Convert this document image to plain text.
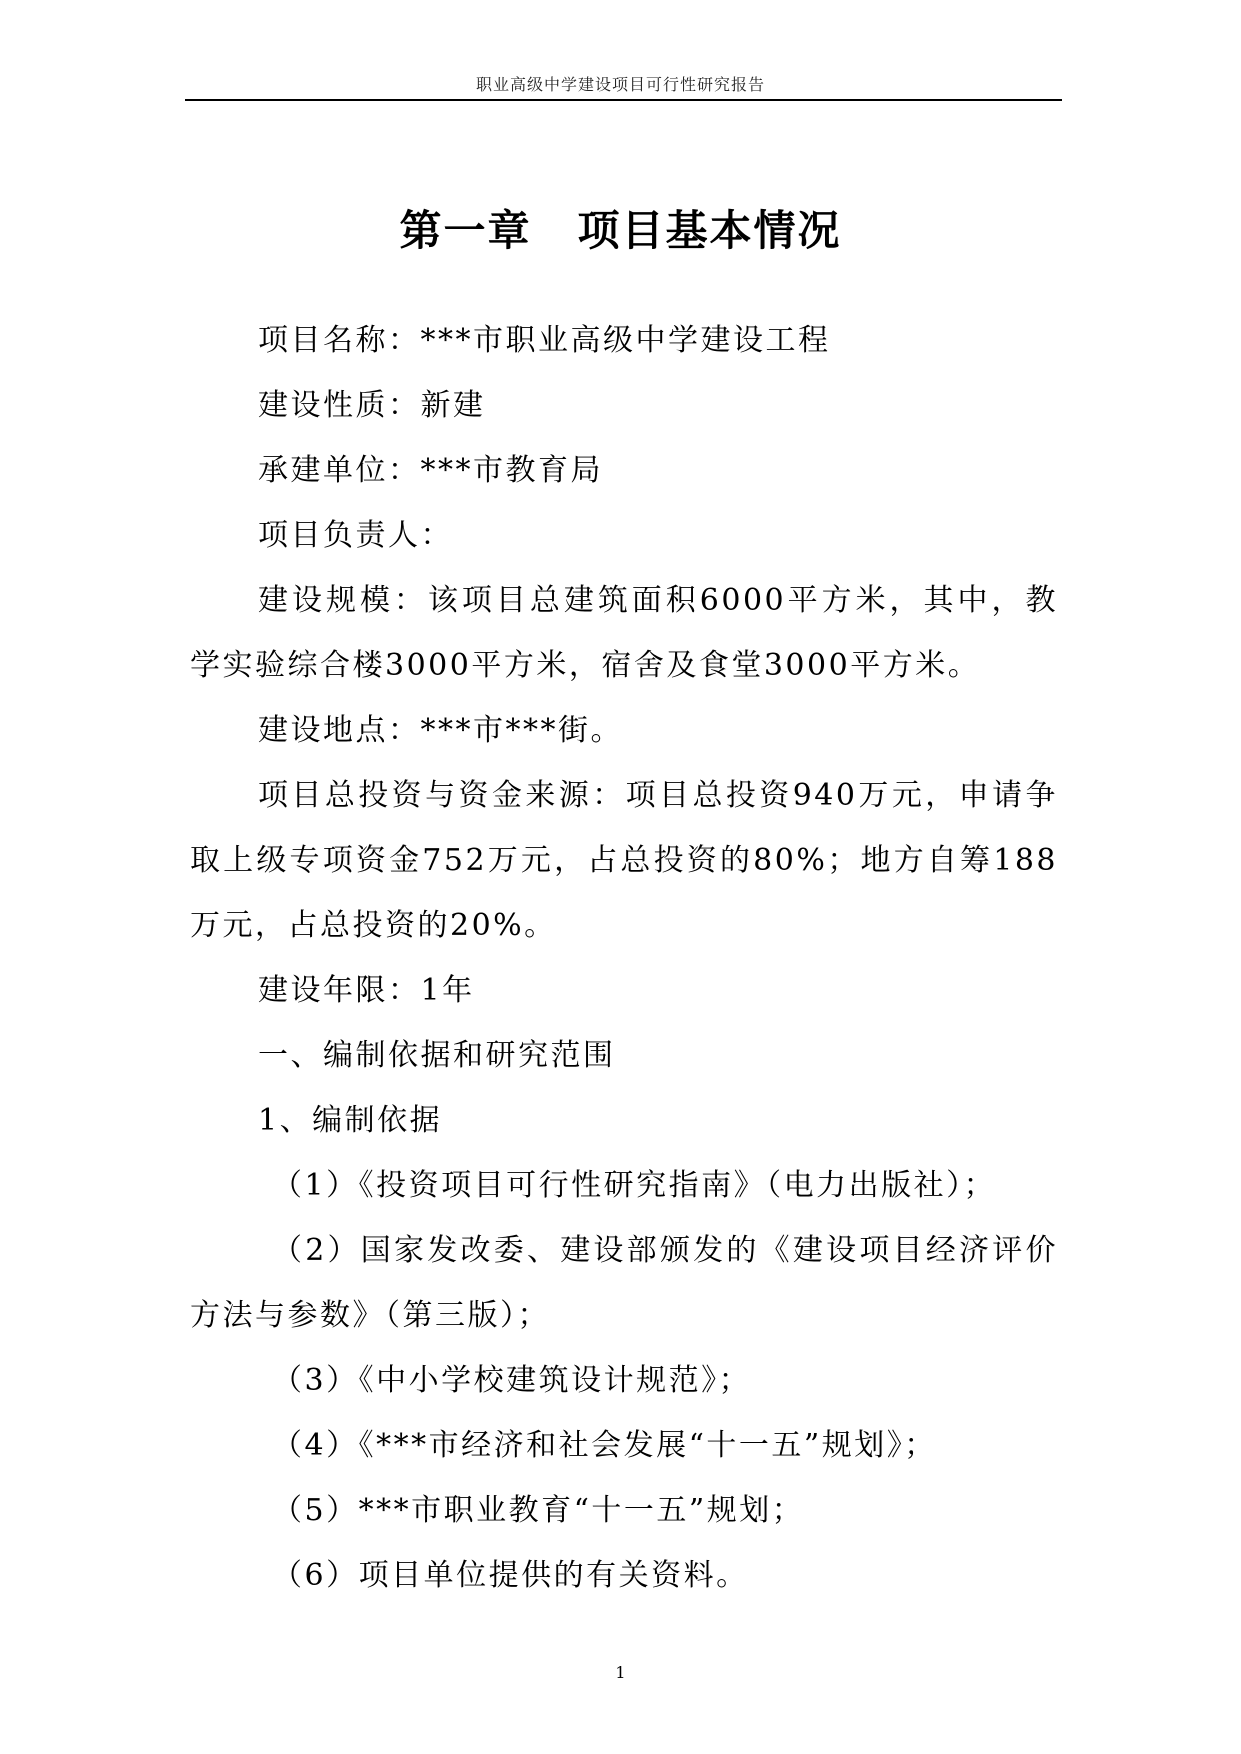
职业高级中学建设项目可行性研究报告
第一章 项目基本情况

项目名称：***市职业高级中学建设工程

建设性质：新建

承建单位：***市教育局

项目负责人：

建设规模：该项目总建筑面积6000平方米，其中，教学实验综合楼3000平方米，宿舍及食堂3000平方米。

建设地点：***市***街。

项目总投资与资金来源：项目总投资940万元，申请争取上级专项资金752万元，占总投资的80%；地方自筹188万元，占总投资的20%。

建设年限：1年

一、编制依据和研究范围

1、编制依据

（1）《投资项目可行性研究指南》（电力出版社）；

（2）国家发改委、建设部颁发的《建设项目经济评价方法与参数》（第三版）；

（3）《中小学校建筑设计规范》；

（4）《***市经济和社会发展“十一五”规划》；

（5）***市职业教育“十一五”规划；

（6）项目单位提供的有关资料。

1
